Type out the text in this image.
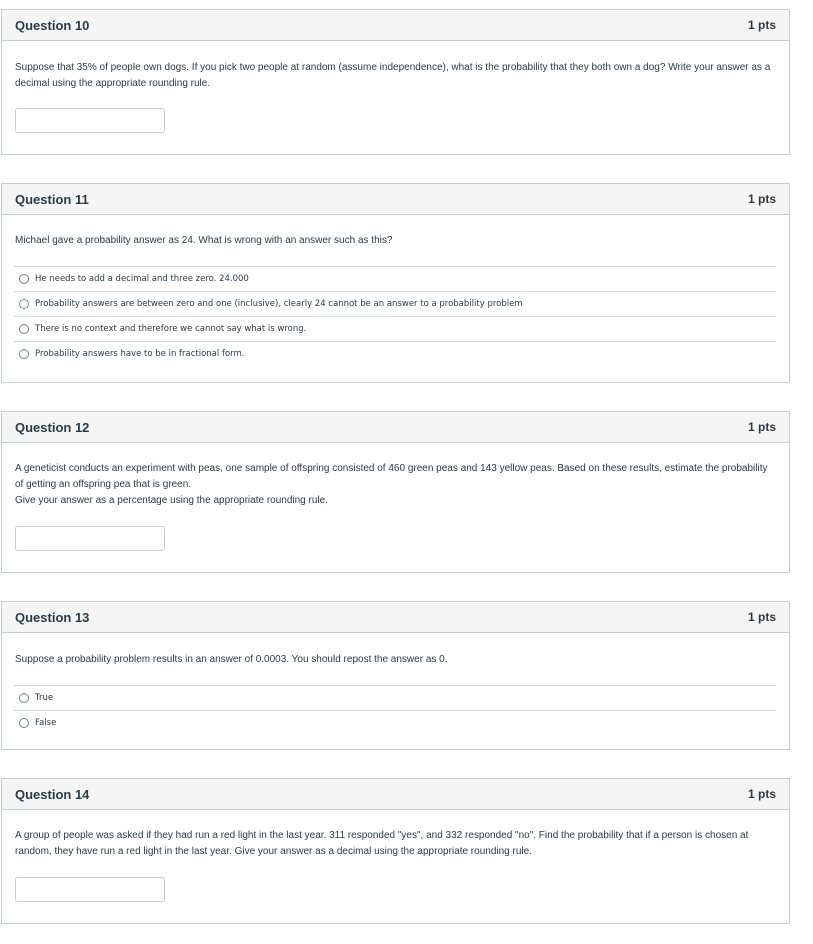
Question 10	1 pts

Suppose that 35% of people own dogs. If you pick two people at random (assume independence), what is the probability that they both own a dog? Write your answer as a decimal using the appropriate rounding rule.

Question 11	1 pts

Michael gave a probability answer as 24. What is wrong with an answer such as this?

He needs to add a decimal and three zero. 24.000
Probability answers are between zero and one (inclusive), clearly 24 cannot be an answer to a probability problem
There is no context and therefore we cannot say what is wrong.
Probability answers have to be in fractional form.
Question 12	1 pts

A geneticist conducts an experiment with peas, one sample of offspring consisted of 460 green peas and 143 yellow peas. Based on these results, estimate the probability of getting an offspring pea that is green.

Give your answer as a percentage using the appropriate rounding rule.

Question 13	1 pts

Suppose a probability problem results in an answer of 0.0003. You should repost the answer as 0.

True
False
Question 14	1 pts

A group of people was asked if they had run a red light in the last year. 311 responded "yes", and 332 responded "no". Find the probability that if a person is chosen at random, they have run a red light in the last year. Give your answer as a decimal using the appropriate rounding rule.
